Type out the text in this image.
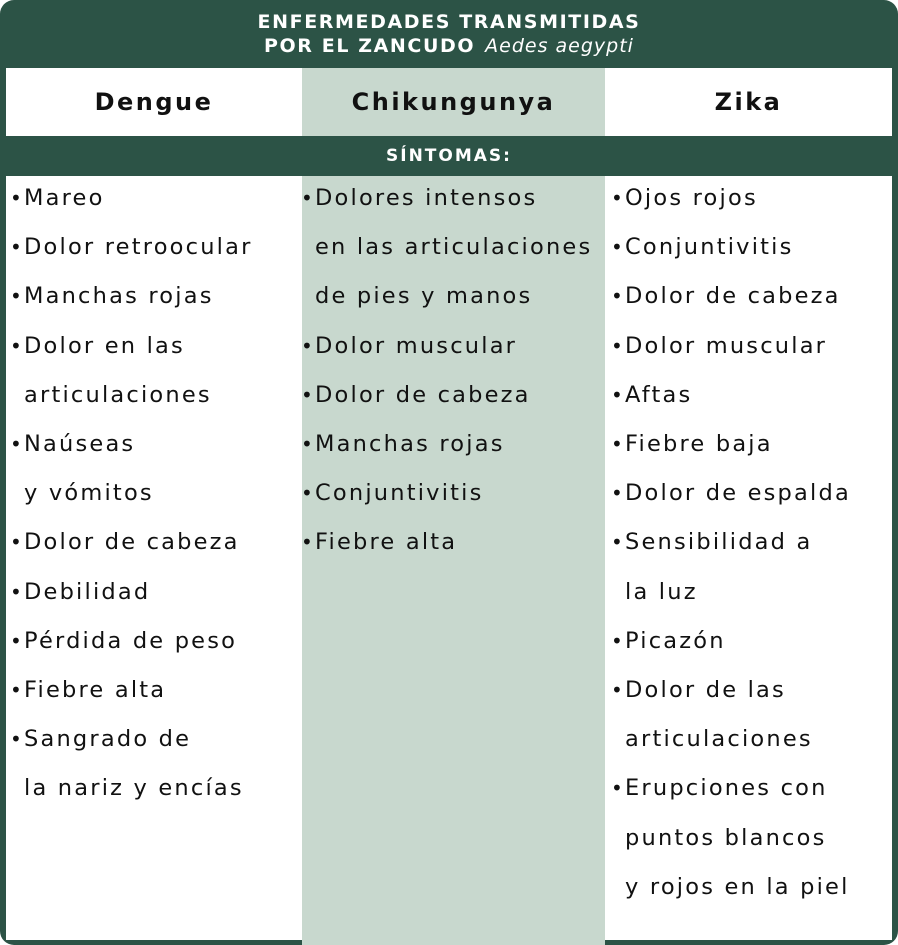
ENFERMEDADES TRANSMITIDAS
POR EL ZANCUDO Aedes aegypti
Dengue	Chikungunya	Zika
SÍNTOMAS:
• Mareo
• Dolor retroocular
• Manchas rojas
• Dolor en las
articulaciones
• Naúseas
y vómitos
• Dolor de cabeza
• Debilidad
• Pérdida de peso
• Fiebre alta
• Sangrado de
la nariz y encías
• Dolores intensos
en las articulaciones
de pies y manos
• Dolor muscular
• Dolor de cabeza
• Manchas rojas
• Conjuntivitis
• Fiebre alta
• Ojos rojos
• Conjuntivitis
• Dolor de cabeza
• Dolor muscular
• Aftas
• Fiebre baja
• Dolor de espalda
• Sensibilidad a
la luz
• Picazón
• Dolor de las
articulaciones
• Erupciones con
puntos blancos
y rojos en la piel
